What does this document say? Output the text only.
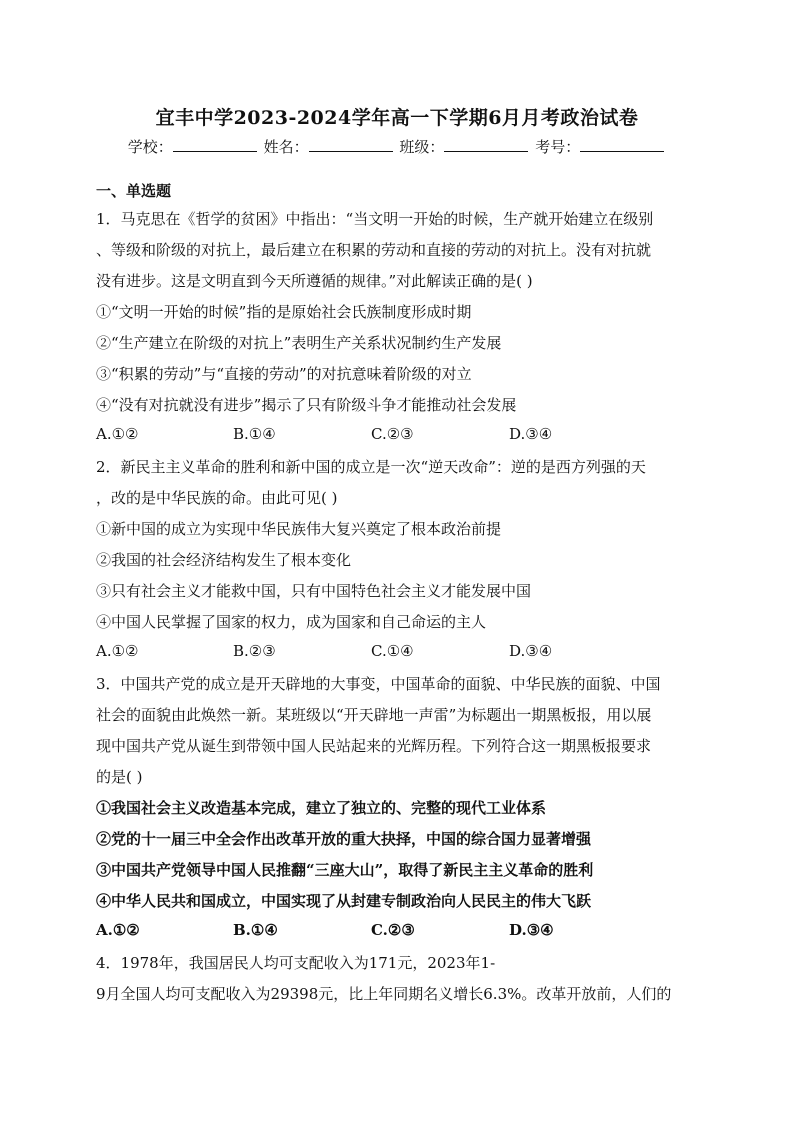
宜丰中学2023-2024学年高一下学期6月月考政治试卷
学校：	姓名：	班级：	考号：
一、单选题
1．马克思在《哲学的贫困》中指出：“当文明一开始的时候，生产就开始建立在级别
、等级和阶级的对抗上，最后建立在积累的劳动和直接的劳动的对抗上。没有对抗就
没有进步。这是文明直到今天所遵循的规律。”对此解读正确的是( )
①“文明一开始的时候”指的是原始社会氏族制度形成时期
②“生产建立在阶级的对抗上”表明生产关系状况制约生产发展
③“积累的劳动”与“直接的劳动”的对抗意味着阶级的对立
④“没有对抗就没有进步”揭示了只有阶级斗争才能推动社会发展
A.①②	B.①④	C.②③	D.③④
2．新民主主义革命的胜利和新中国的成立是一次“逆天改命”：逆的是西方列强的天
，改的是中华民族的命。由此可见( )
①新中国的成立为实现中华民族伟大复兴奠定了根本政治前提
②我国的社会经济结构发生了根本变化
③只有社会主义才能救中国，只有中国特色社会主义才能发展中国
④中国人民掌握了国家的权力，成为国家和自己命运的主人
A.①②	B.②③	C.①④	D.③④
3．中国共产党的成立是开天辟地的大事变，中国革命的面貌、中华民族的面貌、中国
社会的面貌由此焕然一新。某班级以“开天辟地一声雷”为标题出一期黑板报，用以展
现中国共产党从诞生到带领中国人民站起来的光辉历程。下列符合这一期黑板报要求
的是( )
①我国社会主义改造基本完成，建立了独立的、完整的现代工业体系
②党的十一届三中全会作出改革开放的重大抉择，中国的综合国力显著增强
③中国共产党领导中国人民推翻“三座大山”，取得了新民主主义革命的胜利
④中华人民共和国成立，中国实现了从封建专制政治向人民民主的伟大飞跃
A.①②	B.①④	C.②③	D.③④
4．1978年，我国居民人均可支配收入为171元，2023年1-
9月全国人均可支配收入为29398元，比上年同期名义增长6.3%。改革开放前，人们的
